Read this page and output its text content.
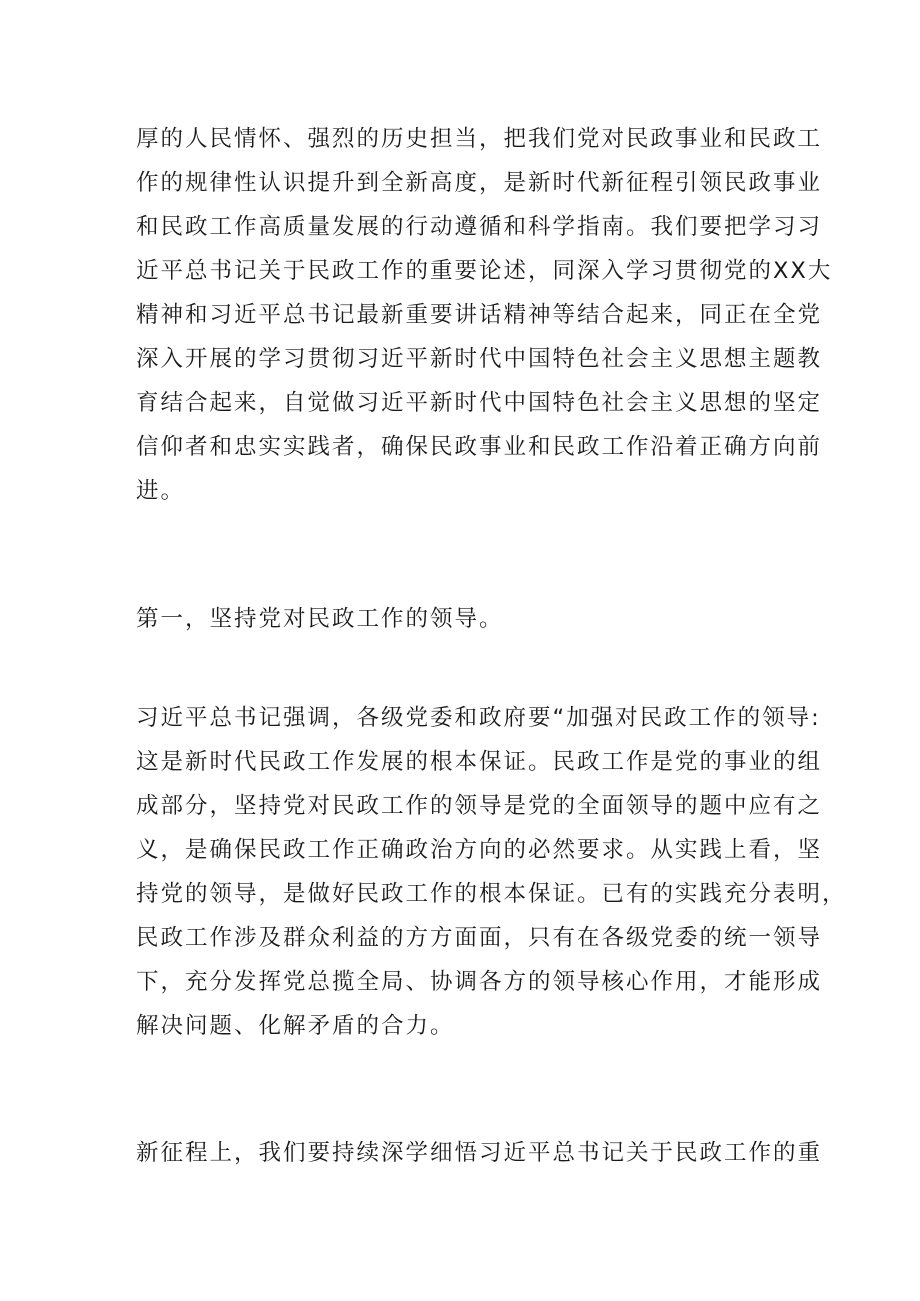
厚的人民情怀、强烈的历史担当，把我们党对民政事业和民政工
作的规律性认识提升到全新高度，是新时代新征程引领民政事业
和民政工作高质量发展的行动遵循和科学指南。我们要把学习习
近平总书记关于民政工作的重要论述，同深入学习贯彻党的XX大
精神和习近平总书记最新重要讲话精神等结合起来，同正在全党
深入开展的学习贯彻习近平新时代中国特色社会主义思想主题教
育结合起来，自觉做习近平新时代中国特色社会主义思想的坚定
信仰者和忠实实践者，确保民政事业和民政工作沿着正确方向前
进。
第一，坚持党对民政工作的领导。
习近平总书记强调，各级党委和政府要“加强对民政工作的领导:
这是新时代民政工作发展的根本保证。民政工作是党的事业的组
成部分，坚持党对民政工作的领导是党的全面领导的题中应有之
义，是确保民政工作正确政治方向的必然要求。从实践上看，坚
持党的领导，是做好民政工作的根本保证。已有的实践充分表明，
民政工作涉及群众利益的方方面面，只有在各级党委的统一领导
下，充分发挥党总揽全局、协调各方的领导核心作用，才能形成
解决问题、化解矛盾的合力。
新征程上，我们要持续深学细悟习近平总书记关于民政工作的重
